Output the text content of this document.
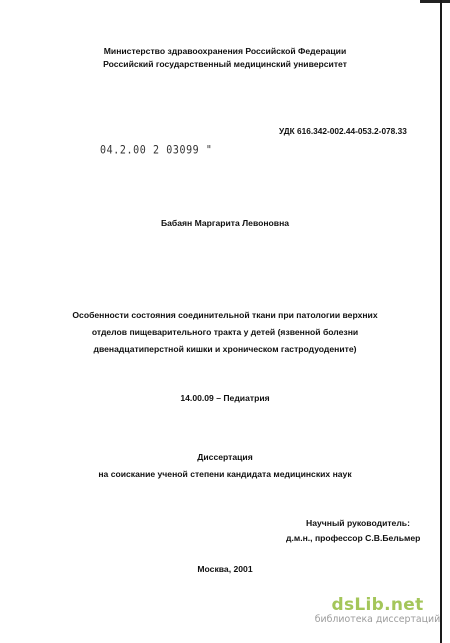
Министерство здравоохранения Российской Федерации
Российский государственный медицинский университет
УДК 616.342-002.44-053.2-078.33
04.2.00 2 03099 "
Бабаян Маргарита Левоновна
Особенности состояния соединительной ткани при патологии верхних
отделов пищеварительного тракта у детей (язвенной болезни
двенадцатиперстной кишки и хроническом гастродуодените)
14.00.09 – Педиатрия
Диссертация
на соискание ученой степени кандидата медицинских наук
Научный руководитель:
д.м.н., профессор С.В.Бельмер
Москва, 2001
dsLib.net
библиотека диссертаций
